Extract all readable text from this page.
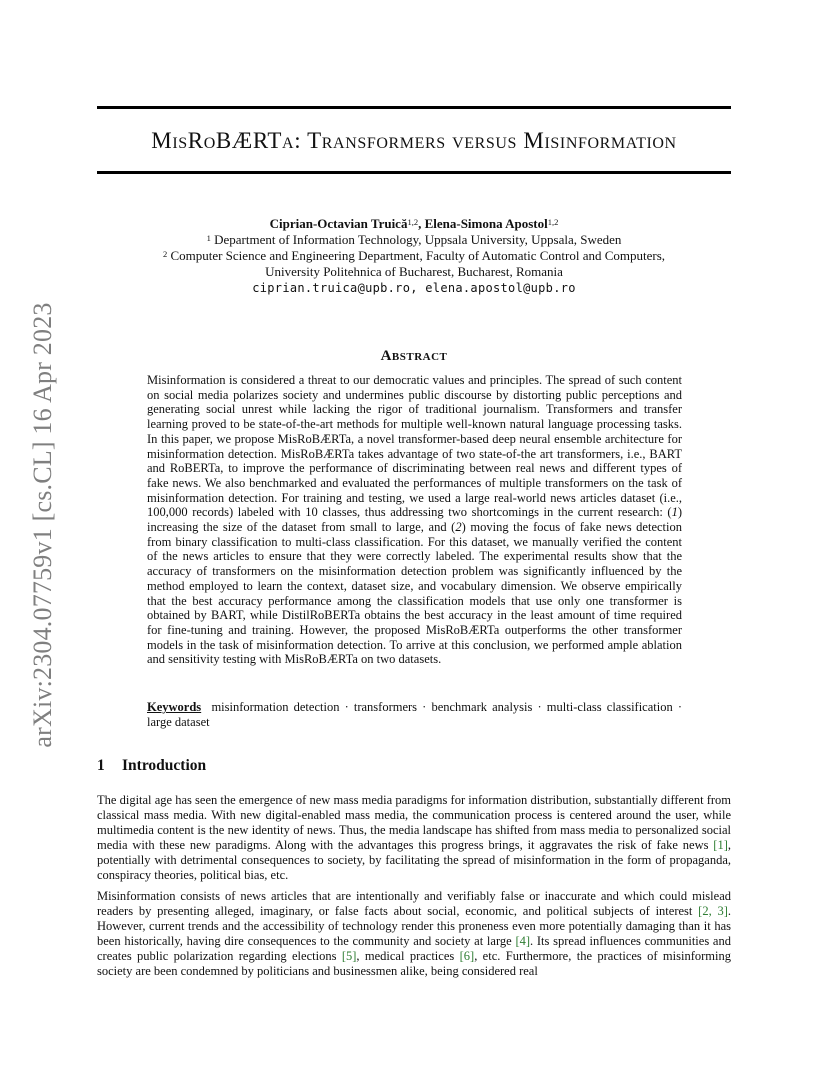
MisRoBÆRTa: Transformers versus Misinformation
arXiv:2304.07759v1 [cs.CL] 16 Apr 2023
Ciprian-Octavian Truică$^{1,2}$, Elena-Simona Apostol$^{1,2}$
$^1$ Department of Information Technology, Uppsala University, Uppsala, Sweden
$^2$ Computer Science and Engineering Department, Faculty of Automatic Control and Computers,
University Politehnica of Bucharest, Bucharest, Romania
ciprian.truica@upb.ro, elena.apostol@upb.ro
Abstract
Misinformation is considered a threat to our democratic values and principles. The spread of such content on social media polarizes society and undermines public discourse by distorting public perceptions and generating social unrest while lacking the rigor of traditional journalism. Transformers and transfer learning proved to be state-of-the-art methods for multiple well-known natural language processing tasks. In this paper, we propose MisRoBÆRTa, a novel transformer-based deep neural ensemble architecture for misinformation detection. MisRoBÆRTa takes advantage of two state-of-the art transformers, i.e., BART and RoBERTa, to improve the performance of discriminating between real news and different types of fake news. We also benchmarked and evaluated the performances of multiple transformers on the task of misinformation detection. For training and testing, we used a large real-world news articles dataset (i.e., 100,000 records) labeled with 10 classes, thus addressing two shortcomings in the current research: (1) increasing the size of the dataset from small to large, and (2) moving the focus of fake news detection from binary classification to multi-class classification. For this dataset, we manually verified the content of the news articles to ensure that they were correctly labeled. The experimental results show that the accuracy of transformers on the misinformation detection problem was significantly influenced by the method employed to learn the context, dataset size, and vocabulary dimension. We observe empirically that the best accuracy performance among the classification models that use only one transformer is obtained by BART, while DistilRoBERTa obtains the best accuracy in the least amount of time required for fine-tuning and training. However, the proposed MisRoBÆRTa outperforms the other transformer models in the task of misinformation detection. To arrive at this conclusion, we performed ample ablation and sensitivity testing with MisRoBÆRTa on two datasets.
Keywords misinformation detection · transformers · benchmark analysis · multi-class classification · large dataset
1 Introduction
The digital age has seen the emergence of new mass media paradigms for information distribution, substantially different from classical mass media. With new digital-enabled mass media, the communication process is centered around the user, while multimedia content is the new identity of news. Thus, the media landscape has shifted from mass media to personalized social media with these new paradigms. Along with the advantages this progress brings, it aggravates the risk of fake news [1], potentially with detrimental consequences to society, by facilitating the spread of misinformation in the form of propaganda, conspiracy theories, political bias, etc.
Misinformation consists of news articles that are intentionally and verifiably false or inaccurate and which could mislead readers by presenting alleged, imaginary, or false facts about social, economic, and political subjects of interest [2, 3]. However, current trends and the accessibility of technology render this proneness even more potentially damaging than it has been historically, having dire consequences to the community and society at large [4]. Its spread influences communities and creates public polarization regarding elections [5], medical practices [6], etc. Furthermore, the practices of misinforming society are been condemned by politicians and businessmen alike, being considered real
